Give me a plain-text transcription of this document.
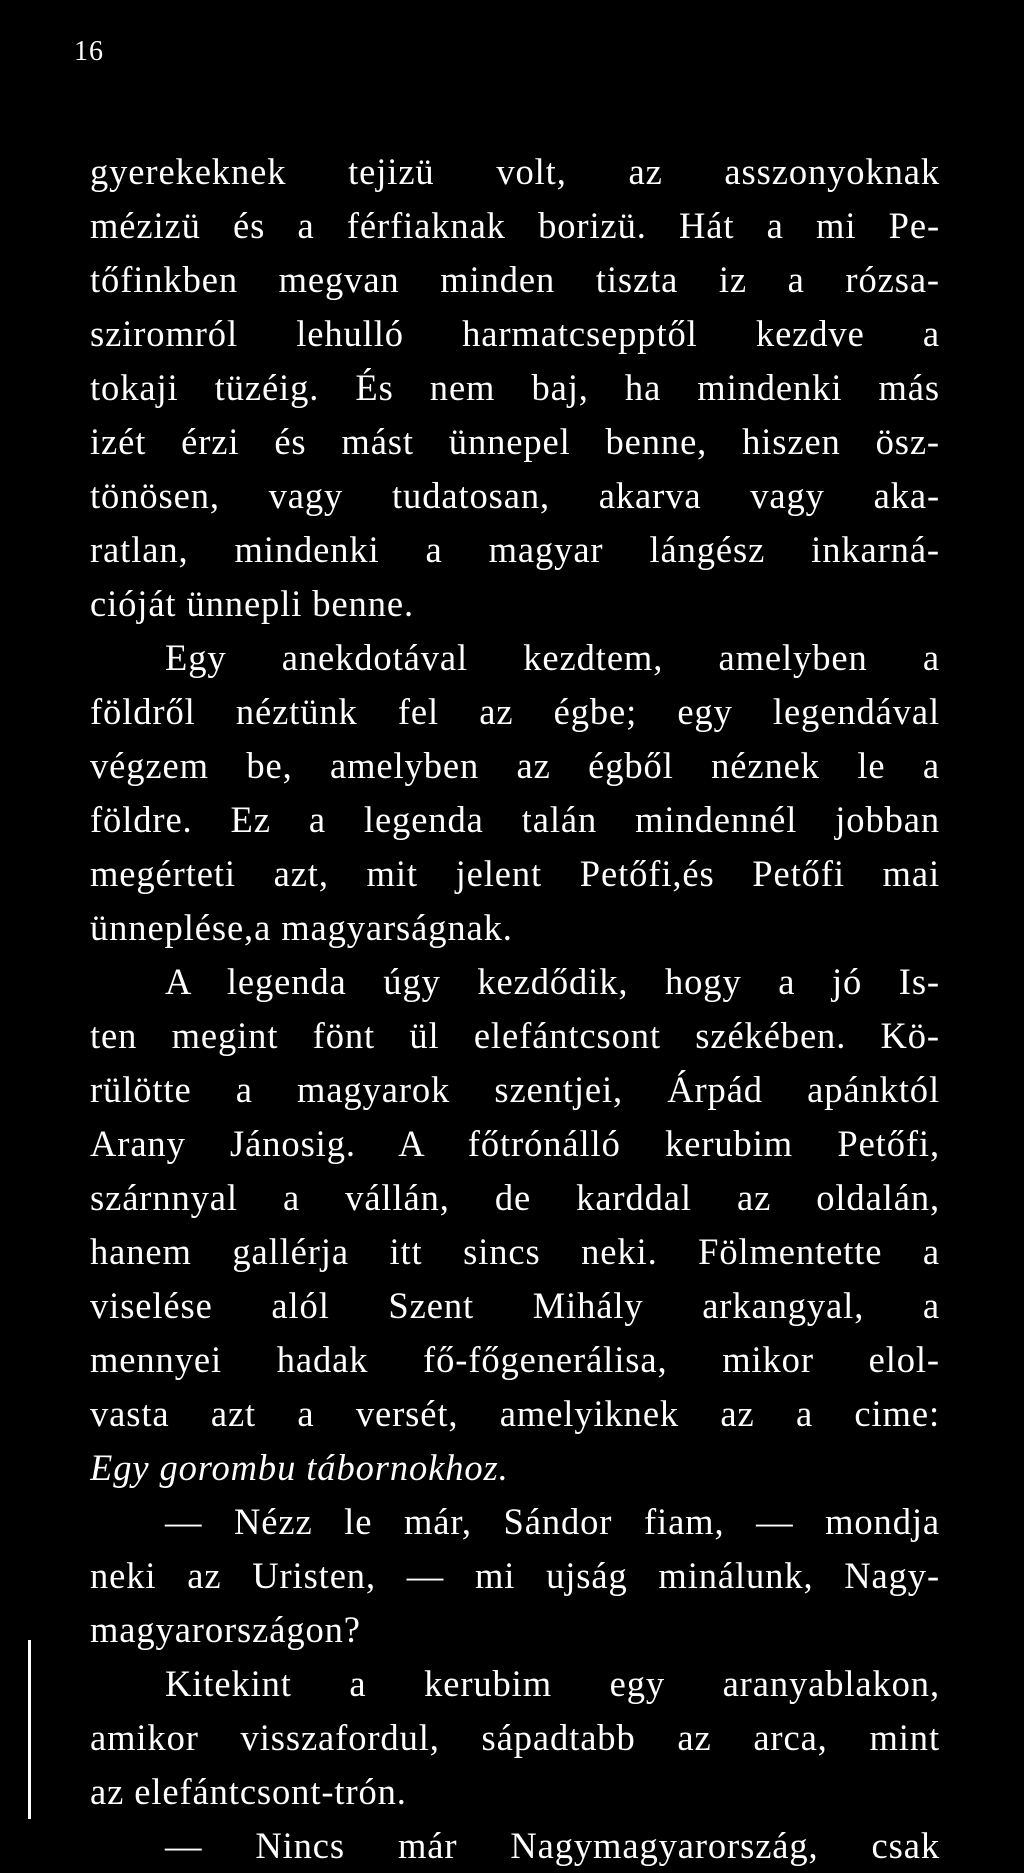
16
gyerekeknek tejizü volt, az asszonyoknak
mézizü és a férfiaknak borizü. Hát a mi Pe-
tőfinkben megvan minden tiszta iz a rózsa-
sziromról lehulló harmatcsepptől kezdve a
tokaji tüzéig. És nem baj, ha mindenki más
izét érzi és mást ünnepel benne, hiszen ösz-
tönösen, vagy tudatosan, akarva vagy aka-
ratlan, mindenki a magyar lángész inkarná-
cióját ünnepli benne.
Egy anekdotával kezdtem, amelyben a
földről néztünk fel az égbe; egy legendával
végzem be, amelyben az égből néznek le a
földre. Ez a legenda talán mindennél jobban
megérteti azt, mit jelent Petőfi,és Petőfi mai
ünneplése,a magyarságnak.
A legenda úgy kezdődik, hogy a jó Is-
ten megint fönt ül elefántcsont székében. Kö-
rülötte a magyarok szentjei, Árpád apánktól
Arany Jánosig. A főtrónálló kerubim Petőfi,
szárnnyal a vállán, de karddal az oldalán,
hanem gallérja itt sincs neki. Fölmentette a
viselése alól Szent Mihály arkangyal, a
mennyei hadak fő-főgenerálisa, mikor elol-
vasta azt a versét, amelyiknek az a cime:
Egy gorombu tábornokhoz.
— Nézz le már, Sándor fiam, — mondja
neki az Uristen, — mi ujság minálunk, Nagy-
magyarországon?
Kitekint a kerubim egy aranyablakon,
amikor visszafordul, sápadtabb az arca, mint
az elefántcsont-trón.
— Nincs már Nagymagyarország, csak
